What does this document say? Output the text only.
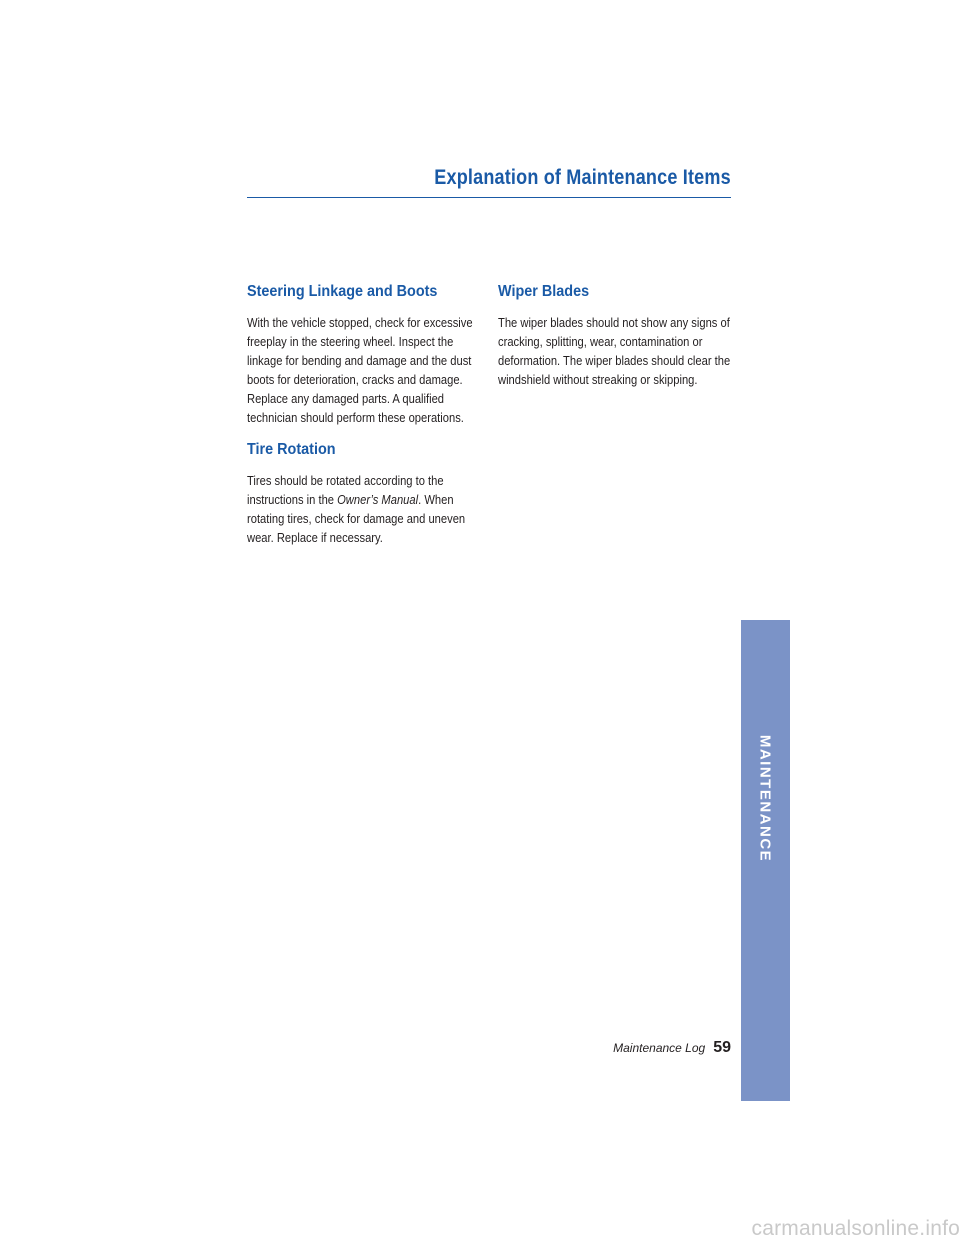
Explanation of Maintenance Items
Steering Linkage and Boots

With the vehicle stopped, check for excessive freeplay in the steering wheel. Inspect the linkage for bending and damage and the dust boots for deterioration, cracks and damage. Replace any damaged parts. A qualified technician should perform these operations.

Tire Rotation

Tires should be rotated according to the instructions in the Owner’s Manual. When rotating tires, check for damage and uneven wear. Replace if necessary.

Wiper Blades

The wiper blades should not show any signs of cracking, splitting, wear, contamination or deformation. The wiper blades should clear the windshield without streaking or skipping.

MAINTENANCE
Maintenance Log 59
carmanualsonline.info
